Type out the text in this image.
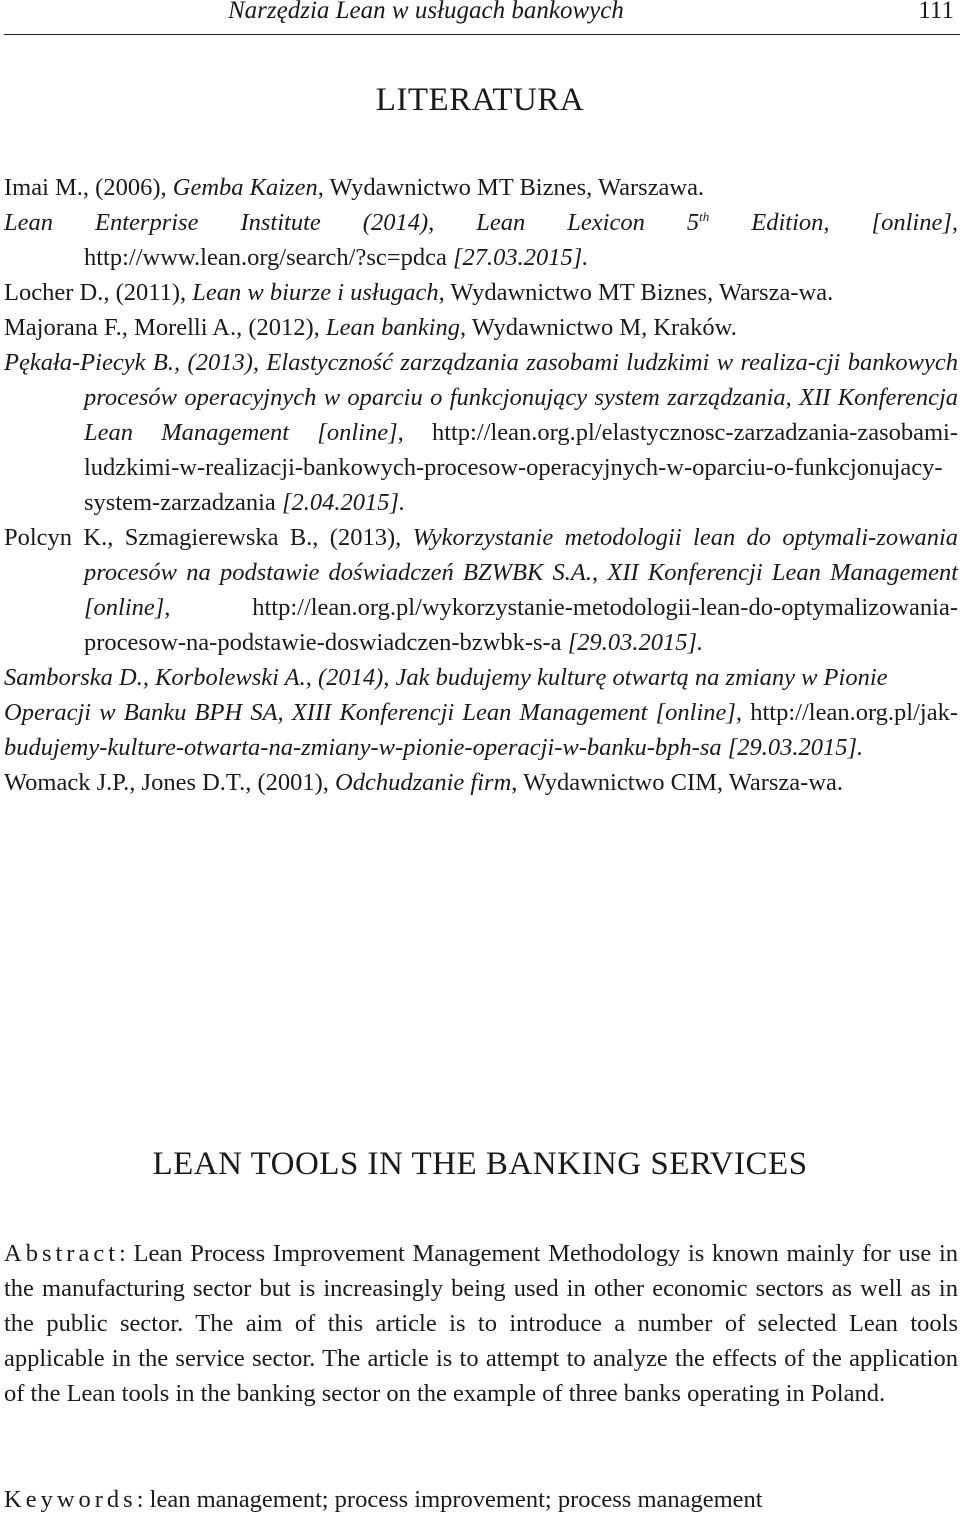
Narzędzia Lean w usługach bankowych	111
LITERATURA
Imai M., (2006), Gemba Kaizen, Wydawnictwo MT Biznes, Warszawa.
Lean Enterprise Institute (2014), Lean Lexicon 5th Edition, [online], http://www.lean.org/search/?sc=pdca [27.03.2015].
Locher D., (2011), Lean w biurze i usługach, Wydawnictwo MT Biznes, Warsza-wa.
Majorana F., Morelli A., (2012), Lean banking, Wydawnictwo M, Kraków.
Pękała-Piecyk B., (2013), Elastyczność zarządzania zasobami ludzkimi w realiza-cji bankowych procesów operacyjnych w oparciu o funkcjonujący system zarządzania, XII Konferencja Lean Management [online], http://lean.org.pl/elastycznosc-zarzadzania-zasobami-ludzkimi-w-realizacji-bankowych-procesow-operacyjnych-w-oparciu-o-funkcjonujacy-system-zarzadzania [2.04.2015].
Polcyn K., Szmagierewska B., (2013), Wykorzystanie metodologii lean do optymali-zowania procesów na podstawie doświadczeń BZWBK S.A., XII Konferencji Lean Management [online], http://lean.org.pl/wykorzystanie-metodologii-lean-do-optymalizowania-procesow-na-podstawie-doswiadczen-bzwbk-s-a [29.03.2015].
Samborska D., Korbolewski A., (2014), Jak budujemy kulturę otwartą na zmiany w Pionie
Operacji w Banku BPH SA, XIII Konferencji Lean Management [online], http://lean.org.pl/jak-budujemy-kulture-otwarta-na-zmiany-w-pionie-operacji-w-banku-bph-sa [29.03.2015].
Womack J.P., Jones D.T., (2001), Odchudzanie firm, Wydawnictwo CIM, Warsza-wa.
LEAN TOOLS IN THE BANKING SERVICES
Abstract: Lean Process Improvement Management Methodology is known mainly for use in the manufacturing sector but is increasingly being used in other economic sectors as well as in the public sector. The aim of this article is to introduce a number of selected Lean tools applicable in the service sector. The article is to attempt to analyze the effects of the application of the Lean tools in the banking sector on the example of three banks operating in Poland.
Keywords: lean management; process improvement; process management
